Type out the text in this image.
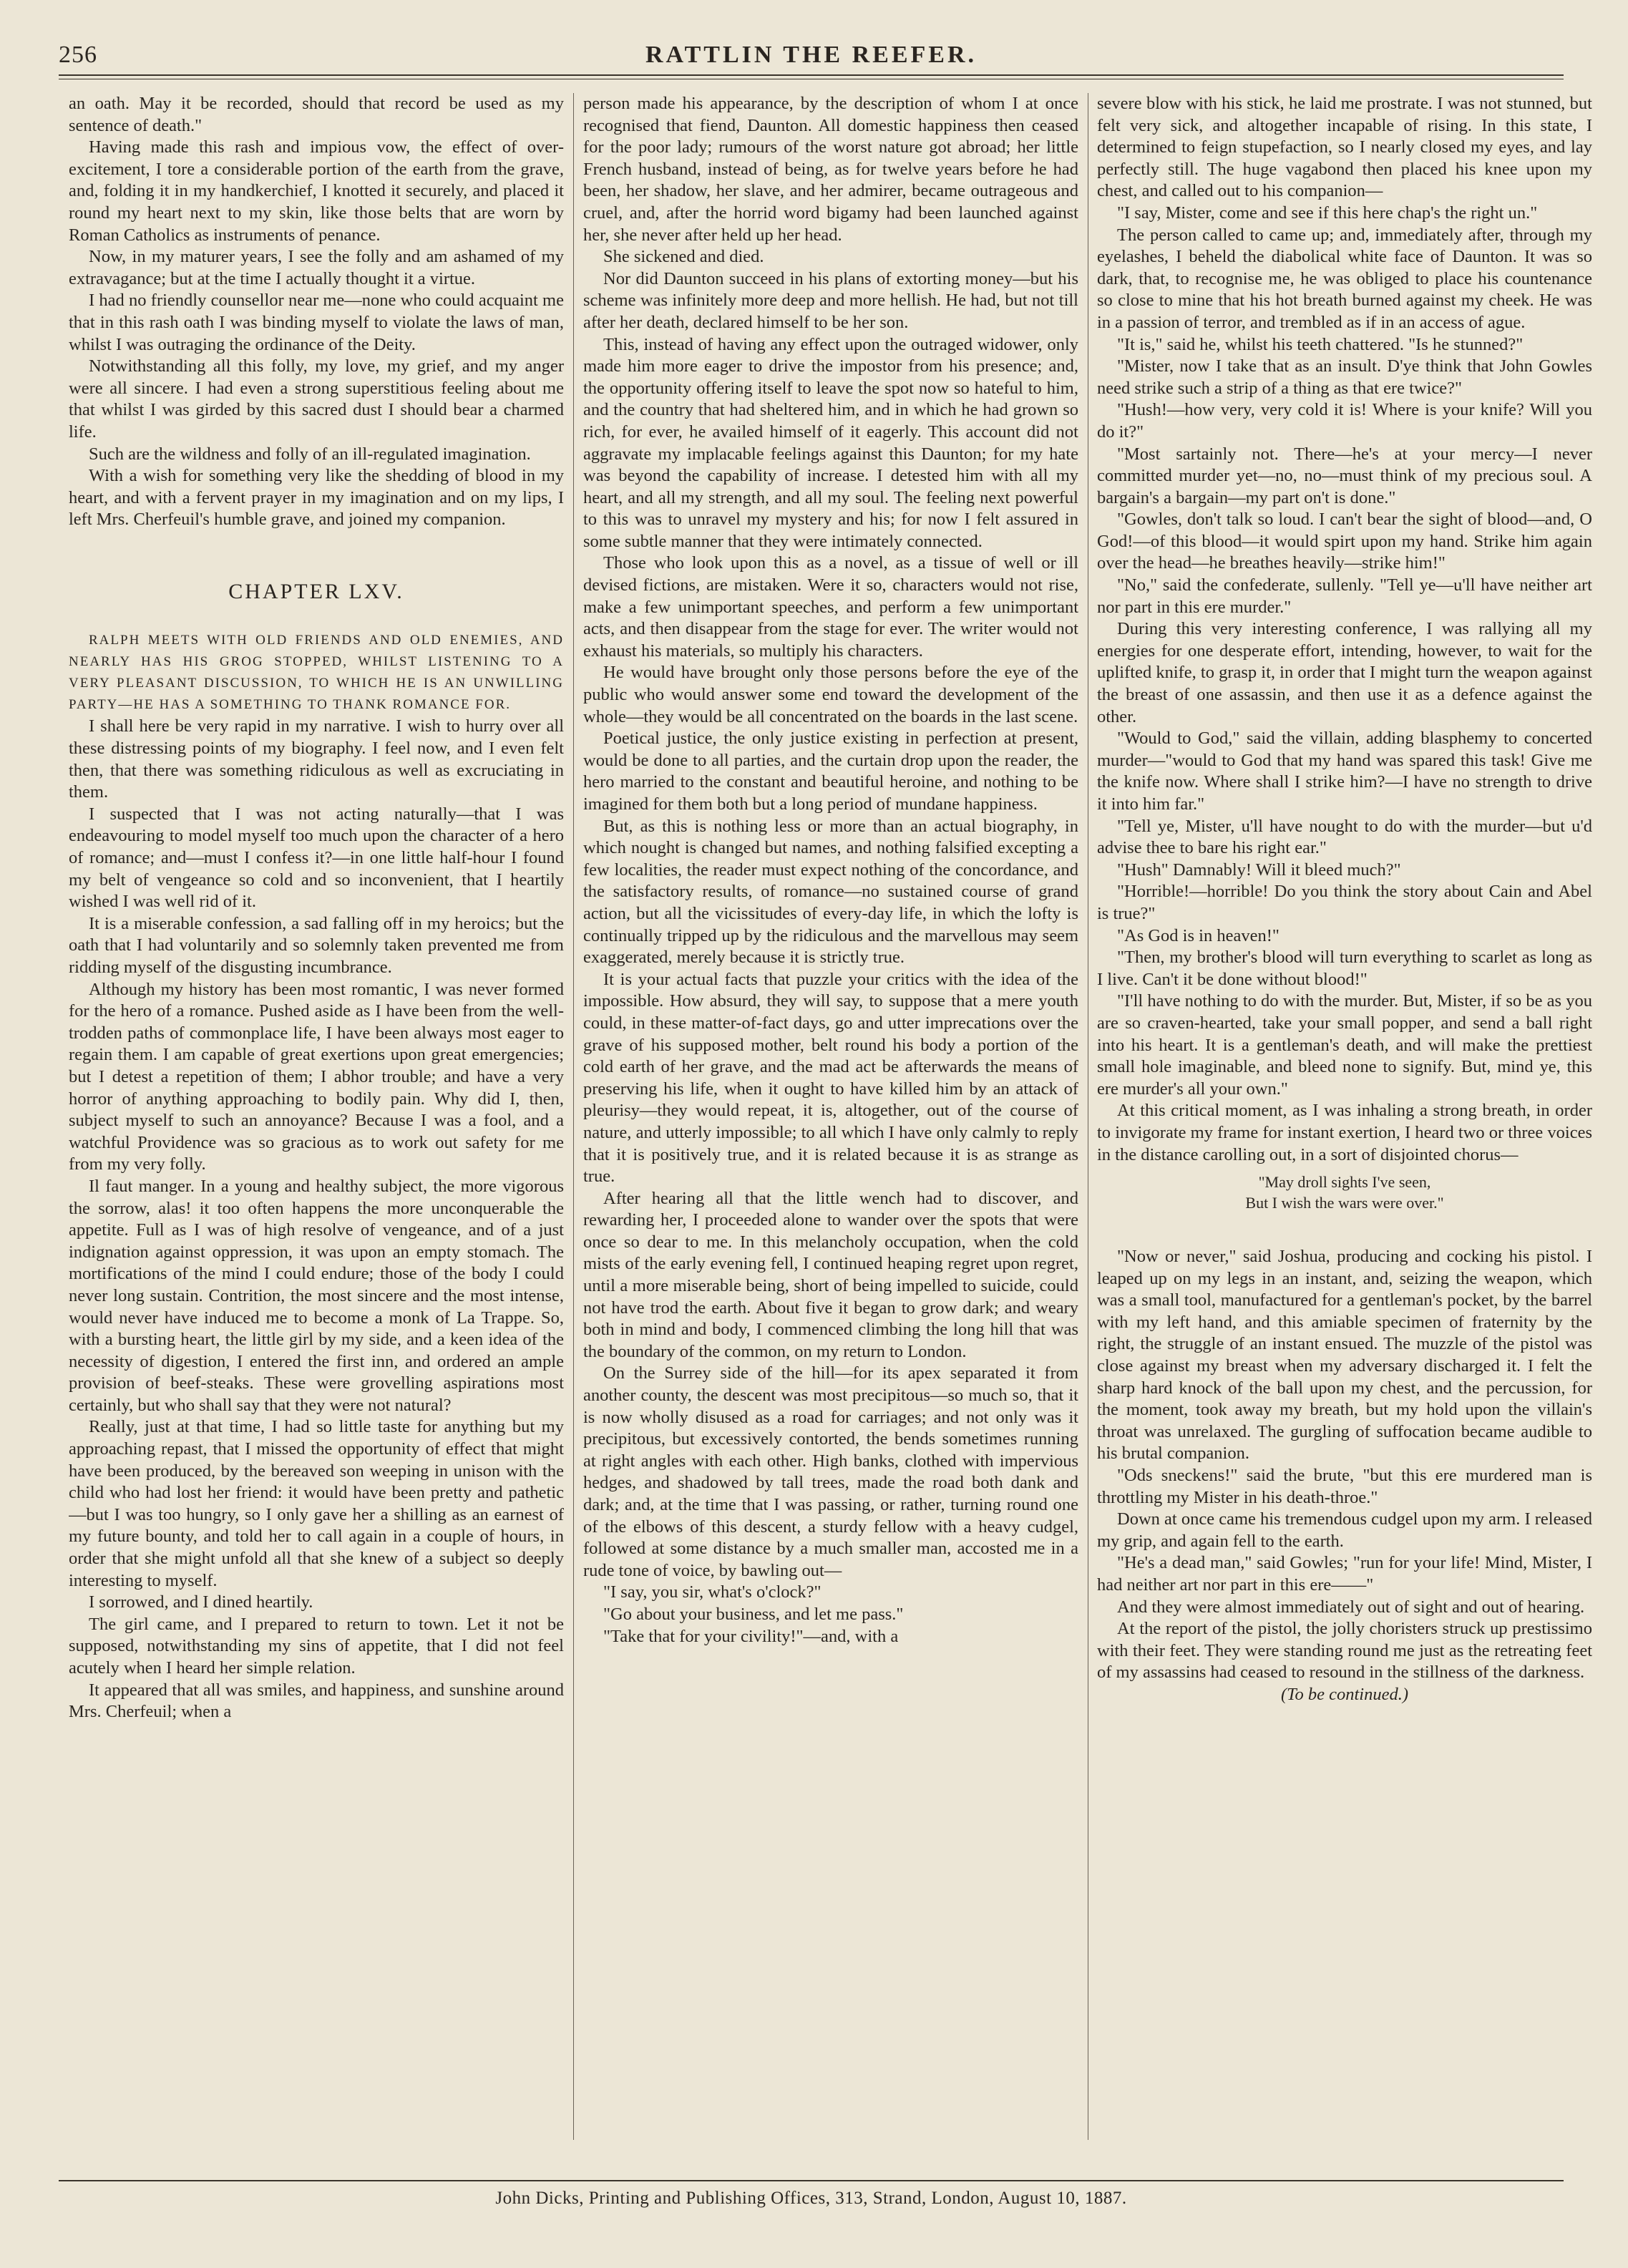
256	RATTLIN THE REEFER.

an oath. May it be recorded, should that record be used as my sentence of death."

Having made this rash and impious vow, the effect of over-excitement, I tore a considerable portion of the earth from the grave, and, folding it in my handkerchief, I knotted it securely, and placed it round my heart next to my skin, like those belts that are worn by Roman Catholics as instruments of penance.

Now, in my maturer years, I see the folly and am ashamed of my extravagance; but at the time I actually thought it a virtue.

I had no friendly counsellor near me—none who could acquaint me that in this rash oath I was binding myself to violate the laws of man, whilst I was outraging the ordinance of the Deity.

Notwithstanding all this folly, my love, my grief, and my anger were all sincere. I had even a strong superstitious feeling about me that whilst I was girded by this sacred dust I should bear a charmed life.

Such are the wildness and folly of an ill-regulated imagination.

With a wish for something very like the shedding of blood in my heart, and with a fervent prayer in my imagination and on my lips, I left Mrs. Cherfeuil's humble grave, and joined my companion.

CHAPTER LXV.

RALPH MEETS WITH OLD FRIENDS AND OLD ENEMIES, AND NEARLY HAS HIS GROG STOPPED, WHILST LISTENING TO A VERY PLEASANT DISCUSSION, TO WHICH HE IS AN UNWILLING PARTY—HE HAS A SOMETHING TO THANK ROMANCE FOR.

I shall here be very rapid in my narrative. I wish to hurry over all these distressing points of my biography. I feel now, and I even felt then, that there was something ridiculous as well as excruciating in them.

I suspected that I was not acting naturally—that I was endeavouring to model myself too much upon the character of a hero of romance; and—must I confess it?—in one little half-hour I found my belt of vengeance so cold and so inconvenient, that I heartily wished I was well rid of it.

It is a miserable confession, a sad falling off in my heroics; but the oath that I had voluntarily and so solemnly taken prevented me from ridding myself of the disgusting incumbrance.

Although my history has been most romantic, I was never formed for the hero of a romance. Pushed aside as I have been from the well-trodden paths of commonplace life, I have been always most eager to regain them. I am capable of great exertions upon great emergencies; but I detest a repetition of them; I abhor trouble; and have a very horror of anything approaching to bodily pain. Why did I, then, subject myself to such an annoyance? Because I was a fool, and a watchful Providence was so gracious as to work out safety for me from my very folly.

Il faut manger. In a young and healthy subject, the more vigorous the sorrow, alas! it too often happens the more unconquerable the appetite. Full as I was of high resolve of vengeance, and of a just indignation against oppression, it was upon an empty stomach. The mortifications of the mind I could endure; those of the body I could never long sustain. Contrition, the most sincere and the most intense, would never have induced me to become a monk of La Trappe. So, with a bursting heart, the little girl by my side, and a keen idea of the necessity of digestion, I entered the first inn, and ordered an ample provision of beef-steaks. These were grovelling aspirations most certainly, but who shall say that they were not natural?

Really, just at that time, I had so little taste for anything but my approaching repast, that I missed the opportunity of effect that might have been produced, by the bereaved son weeping in unison with the child who had lost her friend: it would have been pretty and pathetic—but I was too hungry, so I only gave her a shilling as an earnest of my future bounty, and told her to call again in a couple of hours, in order that she might unfold all that she knew of a subject so deeply interesting to myself.

I sorrowed, and I dined heartily.

The girl came, and I prepared to return to town. Let it not be supposed, notwithstanding my sins of appetite, that I did not feel acutely when I heard her simple relation.

It appeared that all was smiles, and happiness, and sunshine around Mrs. Cherfeuil; when a

person made his appearance, by the description of whom I at once recognised that fiend, Daunton. All domestic happiness then ceased for the poor lady; rumours of the worst nature got abroad; her little French husband, instead of being, as for twelve years before he had been, her shadow, her slave, and her admirer, became outrageous and cruel, and, after the horrid word bigamy had been launched against her, she never after held up her head.

She sickened and died.

Nor did Daunton succeed in his plans of extorting money—but his scheme was infinitely more deep and more hellish. He had, but not till after her death, declared himself to be her son.

This, instead of having any effect upon the outraged widower, only made him more eager to drive the impostor from his presence; and, the opportunity offering itself to leave the spot now so hateful to him, and the country that had sheltered him, and in which he had grown so rich, for ever, he availed himself of it eagerly. This account did not aggravate my implacable feelings against this Daunton; for my hate was beyond the capability of increase. I detested him with all my heart, and all my strength, and all my soul. The feeling next powerful to this was to unravel my mystery and his; for now I felt assured in some subtle manner that they were intimately connected.

Those who look upon this as a novel, as a tissue of well or ill devised fictions, are mistaken. Were it so, characters would not rise, make a few unimportant speeches, and perform a few unimportant acts, and then disappear from the stage for ever. The writer would not exhaust his materials, so multiply his characters.

He would have brought only those persons before the eye of the public who would answer some end toward the development of the whole—they would be all concentrated on the boards in the last scene.

Poetical justice, the only justice existing in perfection at present, would be done to all parties, and the curtain drop upon the reader, the hero married to the constant and beautiful heroine, and nothing to be imagined for them both but a long period of mundane happiness.

But, as this is nothing less or more than an actual biography, in which nought is changed but names, and nothing falsified excepting a few localities, the reader must expect nothing of the concordance, and the satisfactory results, of romance—no sustained course of grand action, but all the vicissitudes of every-day life, in which the lofty is continually tripped up by the ridiculous and the marvellous may seem exaggerated, merely because it is strictly true.

It is your actual facts that puzzle your critics with the idea of the impossible. How absurd, they will say, to suppose that a mere youth could, in these matter-of-fact days, go and utter imprecations over the grave of his supposed mother, belt round his body a portion of the cold earth of her grave, and the mad act be afterwards the means of preserving his life, when it ought to have killed him by an attack of pleurisy—they would repeat, it is, altogether, out of the course of nature, and utterly impossible; to all which I have only calmly to reply that it is positively true, and it is related because it is as strange as true.

After hearing all that the little wench had to discover, and rewarding her, I proceeded alone to wander over the spots that were once so dear to me. In this melancholy occupation, when the cold mists of the early evening fell, I continued heaping regret upon regret, until a more miserable being, short of being impelled to suicide, could not have trod the earth. About five it began to grow dark; and weary both in mind and body, I commenced climbing the long hill that was the boundary of the common, on my return to London.

On the Surrey side of the hill—for its apex separated it from another county, the descent was most precipitous—so much so, that it is now wholly disused as a road for carriages; and not only was it precipitous, but excessively contorted, the bends sometimes running at right angles with each other. High banks, clothed with impervious hedges, and shadowed by tall trees, made the road both dank and dark; and, at the time that I was passing, or rather, turning round one of the elbows of this descent, a sturdy fellow with a heavy cudgel, followed at some distance by a much smaller man, accosted me in a rude tone of voice, by bawling out—

"I say, you sir, what's o'clock?"

"Go about your business, and let me pass."

"Take that for your civility!"—and, with a

severe blow with his stick, he laid me prostrate. I was not stunned, but felt very sick, and altogether incapable of rising. In this state, I determined to feign stupefaction, so I nearly closed my eyes, and lay perfectly still. The huge vagabond then placed his knee upon my chest, and called out to his companion—

"I say, Mister, come and see if this here chap's the right un."

The person called to came up; and, immediately after, through my eyelashes, I beheld the diabolical white face of Daunton. It was so dark, that, to recognise me, he was obliged to place his countenance so close to mine that his hot breath burned against my cheek. He was in a passion of terror, and trembled as if in an access of ague.

"It is," said he, whilst his teeth chattered. "Is he stunned?"

"Mister, now I take that as an insult. D'ye think that John Gowles need strike such a strip of a thing as that ere twice?"

"Hush!—how very, very cold it is! Where is your knife? Will you do it?"

"Most sartainly not. There—he's at your mercy—I never committed murder yet—no, no—must think of my precious soul. A bargain's a bargain—my part on't is done."

"Gowles, don't talk so loud. I can't bear the sight of blood—and, O God!—of this blood—it would spirt upon my hand. Strike him again over the head—he breathes heavily—strike him!"

"No," said the confederate, sullenly. "Tell ye—u'll have neither art nor part in this ere murder."

During this very interesting conference, I was rallying all my energies for one desperate effort, intending, however, to wait for the uplifted knife, to grasp it, in order that I might turn the weapon against the breast of one assassin, and then use it as a defence against the other.

"Would to God," said the villain, adding blasphemy to concerted murder—"would to God that my hand was spared this task! Give me the knife now. Where shall I strike him?—I have no strength to drive it into him far."

"Tell ye, Mister, u'll have nought to do with the murder—but u'd advise thee to bare his right ear."

"Hush" Damnably! Will it bleed much?"

"Horrible!—horrible! Do you think the story about Cain and Abel is true?"

"As God is in heaven!"

"Then, my brother's blood will turn everything to scarlet as long as I live. Can't it be done without blood!"

"I'll have nothing to do with the murder. But, Mister, if so be as you are so craven-hearted, take your small popper, and send a ball right into his heart. It is a gentleman's death, and will make the prettiest small hole imaginable, and bleed none to signify. But, mind ye, this ere murder's all your own."

At this critical moment, as I was inhaling a strong breath, in order to invigorate my frame for instant exertion, I heard two or three voices in the distance carolling out, in a sort of disjointed chorus—

"May droll sights I've seen,
But I wish the wars were over."

"Now or never," said Joshua, producing and cocking his pistol. I leaped up on my legs in an instant, and, seizing the weapon, which was a small tool, manufactured for a gentleman's pocket, by the barrel with my left hand, and this amiable specimen of fraternity by the right, the struggle of an instant ensued. The muzzle of the pistol was close against my breast when my adversary discharged it. I felt the sharp hard knock of the ball upon my chest, and the percussion, for the moment, took away my breath, but my hold upon the villain's throat was unrelaxed. The gurgling of suffocation became audible to his brutal companion.

"Ods sneckens!" said the brute, "but this ere murdered man is throttling my Mister in his death-throe."

Down at once came his tremendous cudgel upon my arm. I released my grip, and again fell to the earth.

"He's a dead man," said Gowles; "run for your life! Mind, Mister, I had neither art nor part in this ere——"

And they were almost immediately out of sight and out of hearing.

At the report of the pistol, the jolly choristers struck up prestissimo with their feet. They were standing round me just as the retreating feet of my assassins had ceased to resound in the stillness of the darkness.

(To be continued.)

John Dicks, Printing and Publishing Offices, 313, Strand, London, August 10, 1887.
